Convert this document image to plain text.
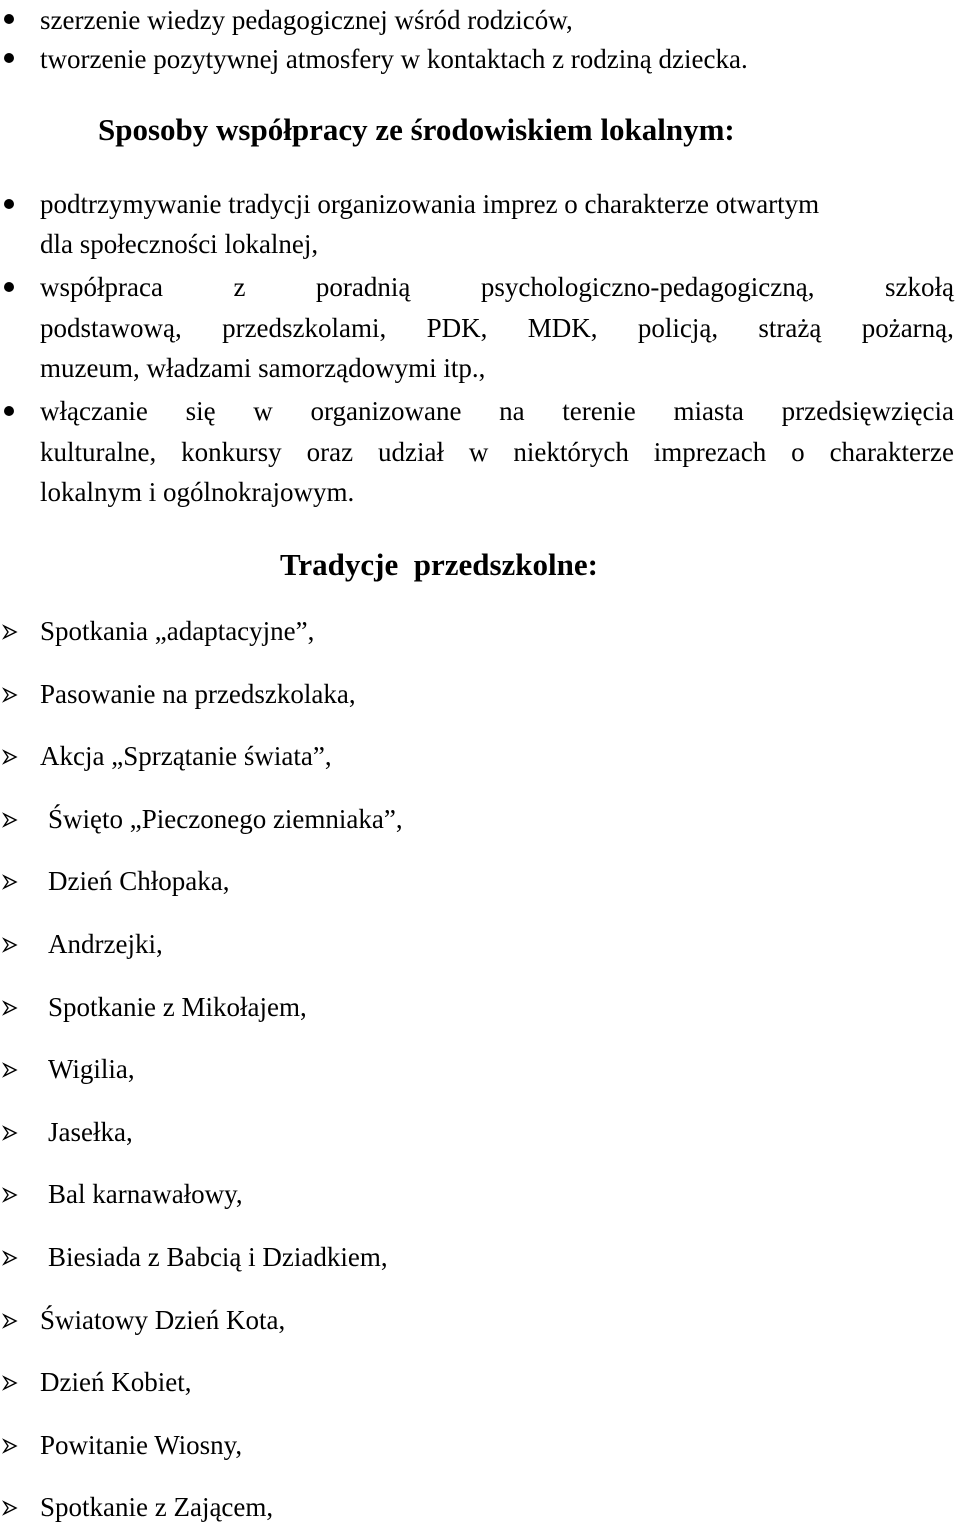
szerzenie wiedzy pedagogicznej wśród rodziców,
tworzenie pozytywnej atmosfery w kontaktach z rodziną dziecka.
Sposoby współpracy ze środowiskiem lokalnym:
podtrzymywanie tradycji organizowania imprez o charakterze otwartym
dla społeczności lokalnej,
współpraca	z	poradnią	psychologiczno-pedagogiczną,	szkołą
podstawową, przedszkolami, PDK, MDK, policją, strażą pożarną,
muzeum, władzami samorządowymi itp.,
włączanie się w organizowane na terenie miasta przedsięwzięcia
kulturalne, konkursy oraz udział w niektórych imprezach o charakterze
lokalnym i ogólnokrajowym.
Tradycje  przedszkolne:
Spotkania „adaptacyjne”,
Pasowanie na przedszkolaka,
Akcja „Sprzątanie świata”,
Święto „Pieczonego ziemniaka”,
Dzień Chłopaka,
Andrzejki,
Spotkanie z Mikołajem,
Wigilia,
Jasełka,
Bal karnawałowy,
Biesiada z Babcią i Dziadkiem,
Światowy Dzień Kota,
Dzień Kobiet,
Powitanie Wiosny,
Spotkanie z Zającem,
